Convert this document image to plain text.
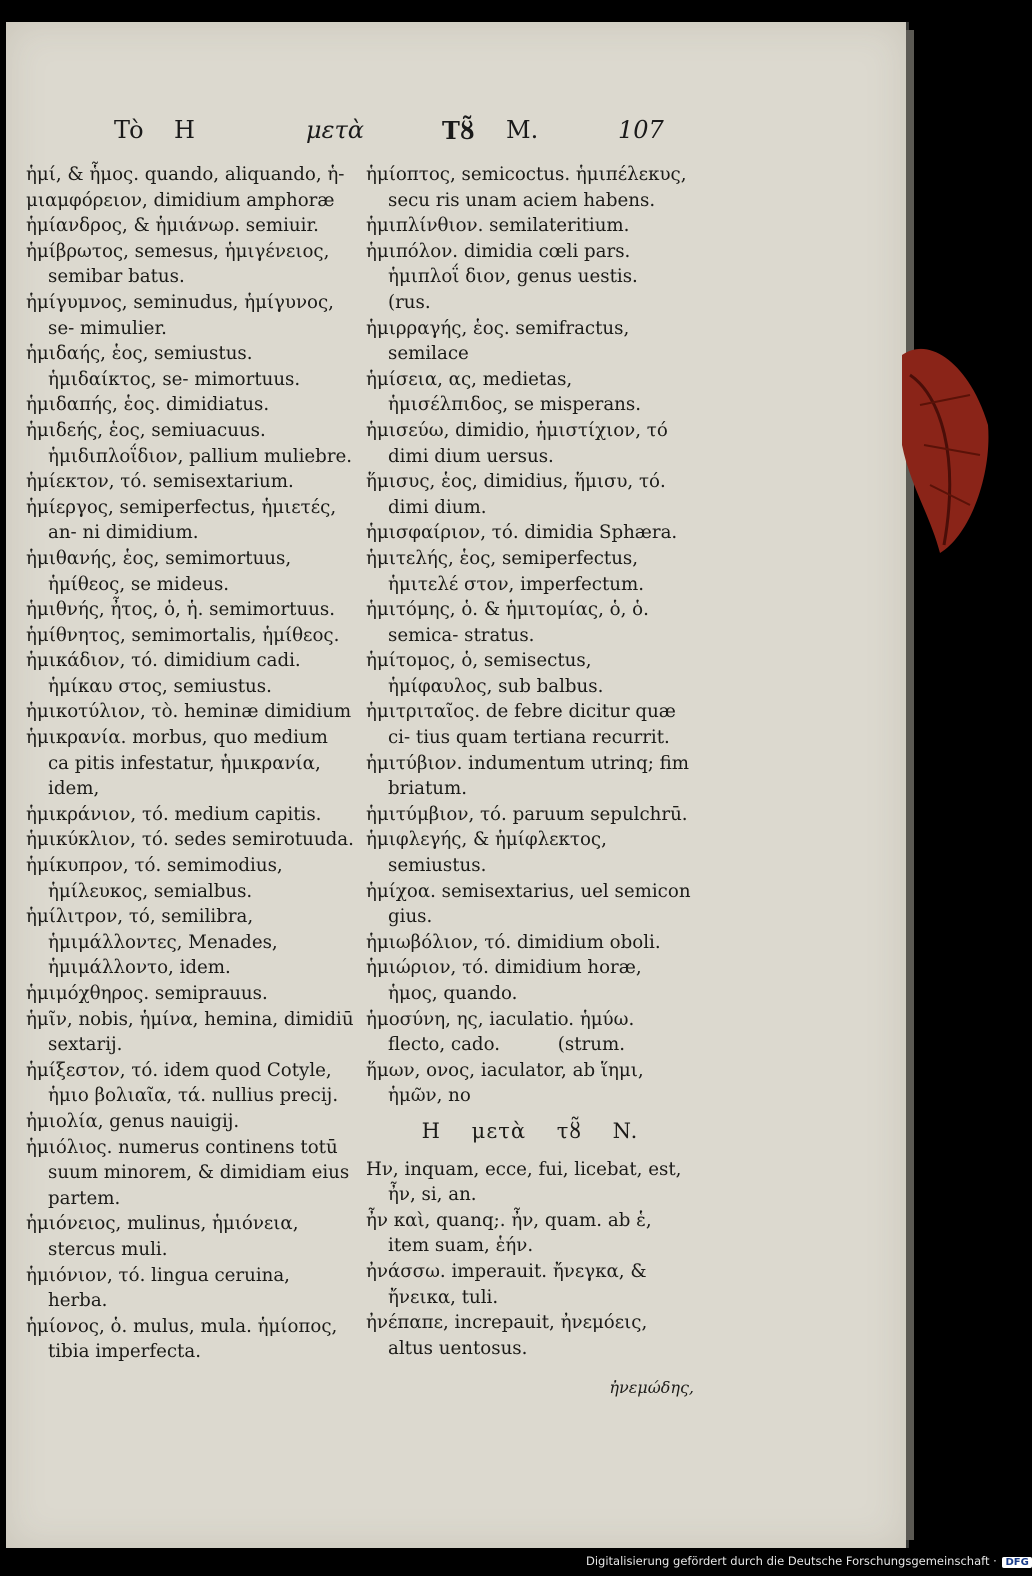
Tò H	μετὰ	Tȣ̃ M.	107

ἡμί, & ἧμος. quando, aliquando, ἡ-

μιαμφόρειον, dimidium amphoræ

ἡμίανδρος, & ἡμιάνωρ. semiuir.

ἡμίβρωτος, semesus, ἡμιγένειος, semibar batus.

ἡμίγυμνος, seminudus, ἡμίγυνος, se- mimulier.

ἡμιδαής, ἑος, semiustus. ἡμιδαίκτος, se- mimortuus.

ἡμιδαπής, ἑος. dimidiatus.

ἡμιδεής, ἑος, semiuacuus. ἡμιδιπλοΐδιον, pallium muliebre.

ἡμίεκτον, τό. semisextarium.

ἡμίεργος, semiperfectus, ἡμιετές, an- ni dimidium.

ἡμιθανής, ἑος, semimortuus, ἡμίθεος, se mideus.

ἡμιθνής, ἦτος, ὁ, ἡ. semimortuus.

ἡμίθνητος, semimortalis, ἡμίθεος.

ἡμικάδιον, τό. dimidium cadi. ἡμίκαυ στος, semiustus.

ἡμικοτύλιον, τὸ. heminæ dimidium

ἡμικρανία. morbus, quo medium ca pitis infestatur, ἡμικρανία, idem,

ἡμικράνιον, τό. medium capitis.

ἡμικύκλιον, τό. sedes semirotuuda.

ἡμίκυπρον, τό. semimodius, ἡμίλευκος, semialbus.

ἡμίλιτρον, τό, semilibra, ἡμιμάλλοντες, Menades, ἡμιμάλλοντο, idem.

ἡμιμόχθηρος. semiprauus.

ἡμῖν, nobis, ἡμίνα, hemina, dimidiū sextarij.

ἡμίξεστον, τό. idem quod Cotyle, ἡμιο βολιαῖα, τά. nullius precij.

ἡμιολία, genus nauigij.

ἡμιόλιος. numerus continens totū suum minorem, & dimidiam eius partem.

ἡμιόνειος, mulinus, ἡμιόνεια, stercus muli.

ἡμιόνιον, τό. lingua ceruina, herba.

ἡμίονος, ὁ. mulus, mula. ἡμίοπος, tibia imperfecta.

ἡμίοπτος, semicoctus. ἡμιπέλεκυς, secu ris unam aciem habens.

ἡμιπλίνθιον. semilateritium.

ἡμιπόλον. dimidia cœli pars. ἡμιπλοΐ διον, genus uestis.          (rus.

ἡμιρραγής, ἑος. semifractus, semilace

ἡμίσεια, ας, medietas, ἡμισέλπιδος, se misperans.

ἡμισεύω, dimidio, ἡμιστίχιον, τό dimi dium uersus.

ἥμισυς, ἑος, dimidius, ἥμισυ, τό. dimi dium.

ἡμισφαίριον, τό. dimidia Sphæra.

ἡμιτελής, ἑος, semiperfectus, ἡμιτελέ στον, imperfectum.

ἡμιτόμης, ὁ. & ἡμιτομίας, ὁ, ὁ. semica- stratus.

ἡμίτομος, ὁ, semisectus, ἡμίφαυλος, sub balbus.

ἡμιτριταῖος. de febre dicitur quæ ci- tius quam tertiana recurrit.

ἡμιτύβιον. indumentum utrinq; fim briatum.

ἡμιτύμβιον, τό. paruum sepulchrū.

ἡμιφλεγής, & ἡμίφλεκτος, semiustus.

ἡμίχοα. semisextarius, uel semicon gius.

ἡμιωβόλιον, τό. dimidium oboli.

ἡμιώριον, τό. dimidium horæ, ἡμος, quando.

ἡμοσύνη, ης, iaculatio. ἡμύω. flecto, cado.          (strum.

ἥμων, ονος, iaculator, ab ἵημι, ἡμῶν, no

H    μετὰ    τȣ̃    N.

Hν, inquam, ecce, fui, licebat, est, ἦν, si, an.

ἦν καὶ, quanq;. ἦν, quam. ab ἑ, item suam, ἑήν.

ἠνάσσω. imperauit. ἤνεγκα, & ἤνεικα, tuli.

ἠνέπαπε, increpauit, ἠνεμόεις, altus uentosus.

ἠνεμώδης,
Digitalisierung gefördert durch die Deutsche Forschungsgemeinschaft · DFG
